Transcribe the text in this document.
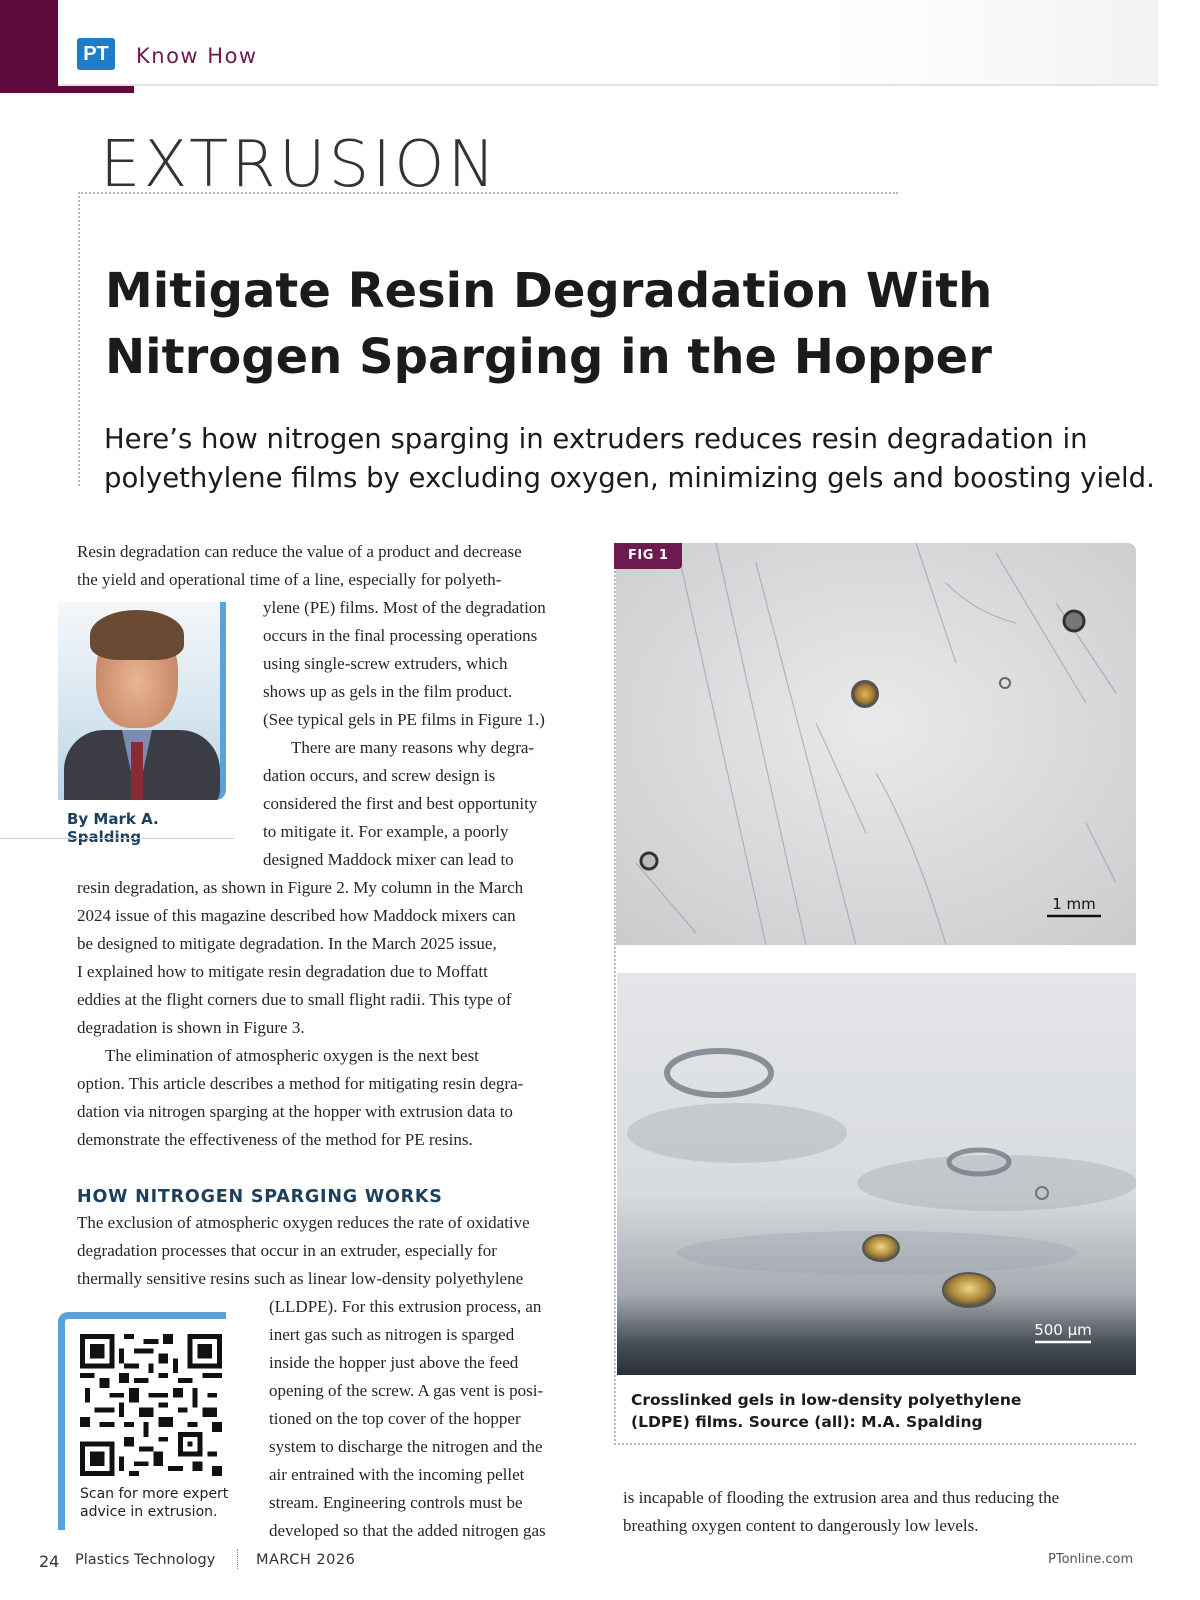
PT Know How
EXTRUSION
Mitigate Resin Degradation With
Nitrogen Sparging in the Hopper
Here’s how nitrogen sparging in extruders reduces resin degradation in
polyethylene films by excluding oxygen, minimizing gels and boosting yield.
By Mark A. Spalding
Resin degradation can reduce the value of a product and decrease
the yield and operational time of a line, especially for polyeth-
ylene (PE) films. Most of the degradation
occurs in the final processing operations
using single-screw extruders, which
shows up as gels in the film product.
(See typical gels in PE films in Figure 1.)
There are many reasons why degra-
dation occurs, and screw design is
considered the first and best opportunity
to mitigate it. For example, a poorly
designed Maddock mixer can lead to
resin degradation, as shown in Figure 2. My column in the March
2024 issue of this magazine described how Maddock mixers can
be designed to mitigate degradation. In the March 2025 issue,
I explained how to mitigate resin degradation due to Moffatt
eddies at the flight corners due to small flight radii. This type of
degradation is shown in Figure 3.
The elimination of atmospheric oxygen is the next best
option. This article describes a method for mitigating resin degra-
dation via nitrogen sparging at the hopper with extrusion data to
demonstrate the effectiveness of the method for PE resins.
HOW NITROGEN SPARGING WORKS
The exclusion of atmospheric oxygen reduces the rate of oxidative
degradation processes that occur in an extruder, especially for
thermally sensitive resins such as linear low-density polyethylene
(LLDPE). For this extrusion process, an
inert gas such as nitrogen is sparged
inside the hopper just above the feed
opening of the screw. A gas vent is posi-
tioned on the top cover of the hopper
system to discharge the nitrogen and the
air entrained with the incoming pellet
stream. Engineering controls must be
developed so that the added nitrogen gas
is incapable of flooding the extrusion area and thus reducing the
breathing oxygen content to dangerously low levels.
Scan for more expert
advice in extrusion.
FIG 1
1 mm
500 µm
Crosslinked gels in low-density polyethylene
(LDPE) films. Source (all): M.A. Spalding
24 Plastics Technology	MARCH 2026	PTonline.com
